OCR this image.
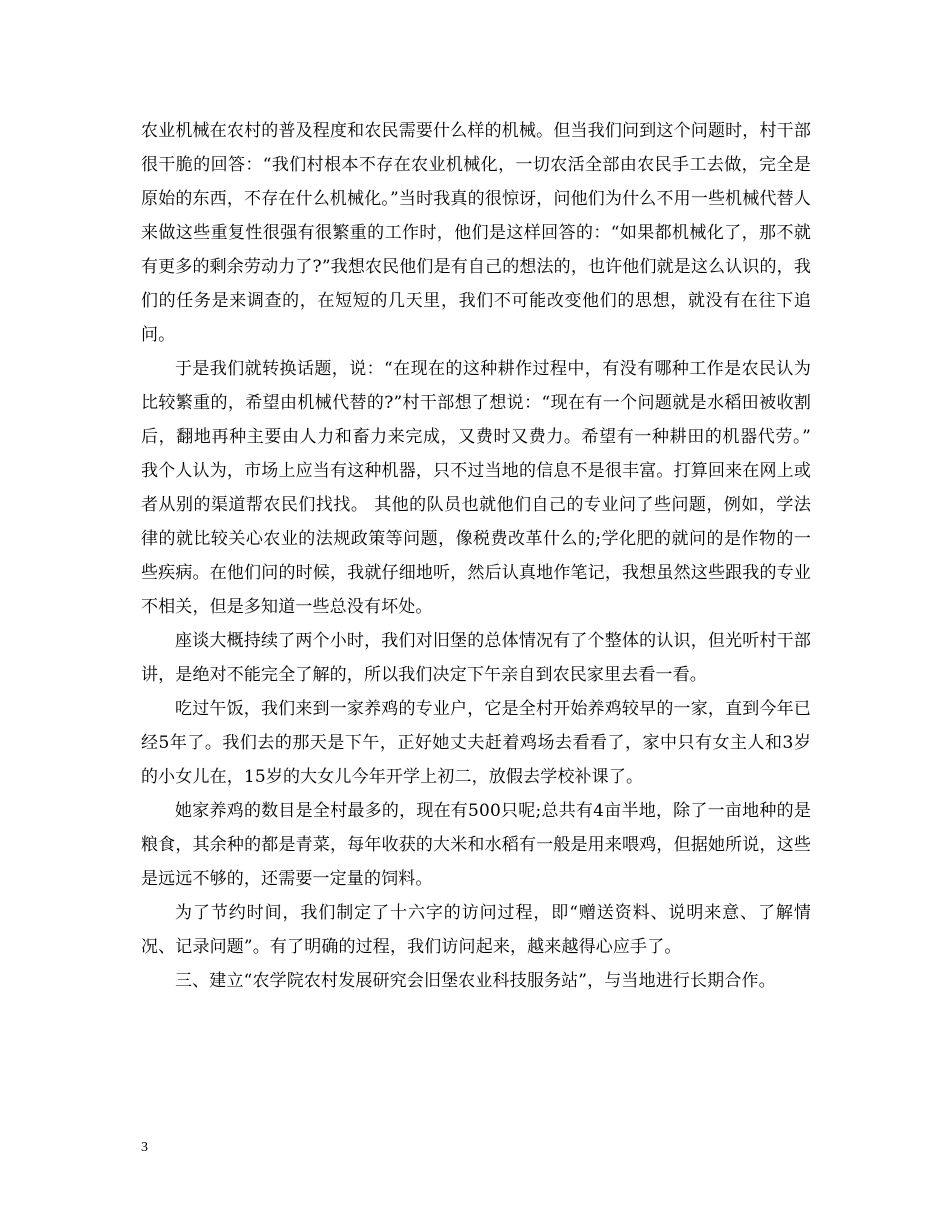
农业机械在农村的普及程度和农民需要什么样的机械。但当我们问到这个问题时，村干部很干脆的回答：“我们村根本不存在农业机械化，一切农活全部由农民手工去做，完全是原始的东西，不存在什么机械化。”当时我真的很惊讶，问他们为什么不用一些机械代替人来做这些重复性很强有很繁重的工作时，他们是这样回答的：“如果都机械化了，那不就有更多的剩余劳动力了?”我想农民他们是有自己的想法的，也许他们就是这么认识的，我们的任务是来调查的，在短短的几天里，我们不可能改变他们的思想，就没有在往下追问。

于是我们就转换话题，说：“在现在的这种耕作过程中，有没有哪种工作是农民认为比较繁重的，希望由机械代替的?”村干部想了想说：“现在有一个问题就是水稻田被收割后，翻地再种主要由人力和畜力来完成，又费时又费力。希望有一种耕田的机器代劳。” 我个人认为，市场上应当有这种机器，只不过当地的信息不是很丰富。打算回来在网上或者从别的渠道帮农民们找找。 其他的队员也就他们自己的专业问了些问题，例如，学法律的就比较关心农业的法规政策等问题，像税费改革什么的;学化肥的就问的是作物的一些疾病。在他们问的时候，我就仔细地听，然后认真地作笔记，我想虽然这些跟我的专业不相关，但是多知道一些总没有坏处。

座谈大概持续了两个小时，我们对旧堡的总体情况有了个整体的认识，但光听村干部讲，是绝对不能完全了解的，所以我们决定下午亲自到农民家里去看一看。

吃过午饭，我们来到一家养鸡的专业户，它是全村开始养鸡较早的一家，直到今年已经5年了。我们去的那天是下午，正好她丈夫赶着鸡场去看看了，家中只有女主人和3岁的小女儿在，15岁的大女儿今年开学上初二，放假去学校补课了。

她家养鸡的数目是全村最多的，现在有500只呢;总共有4亩半地，除了一亩地种的是粮食，其余种的都是青菜，每年收获的大米和水稻有一般是用来喂鸡，但据她所说，这些是远远不够的，还需要一定量的饲料。

为了节约时间，我们制定了十六字的访问过程，即“赠送资料、说明来意、了解情况、记录问题”。有了明确的过程，我们访问起来，越来越得心应手了。

三、建立“农学院农村发展研究会旧堡农业科技服务站”，与当地进行长期合作。

3
